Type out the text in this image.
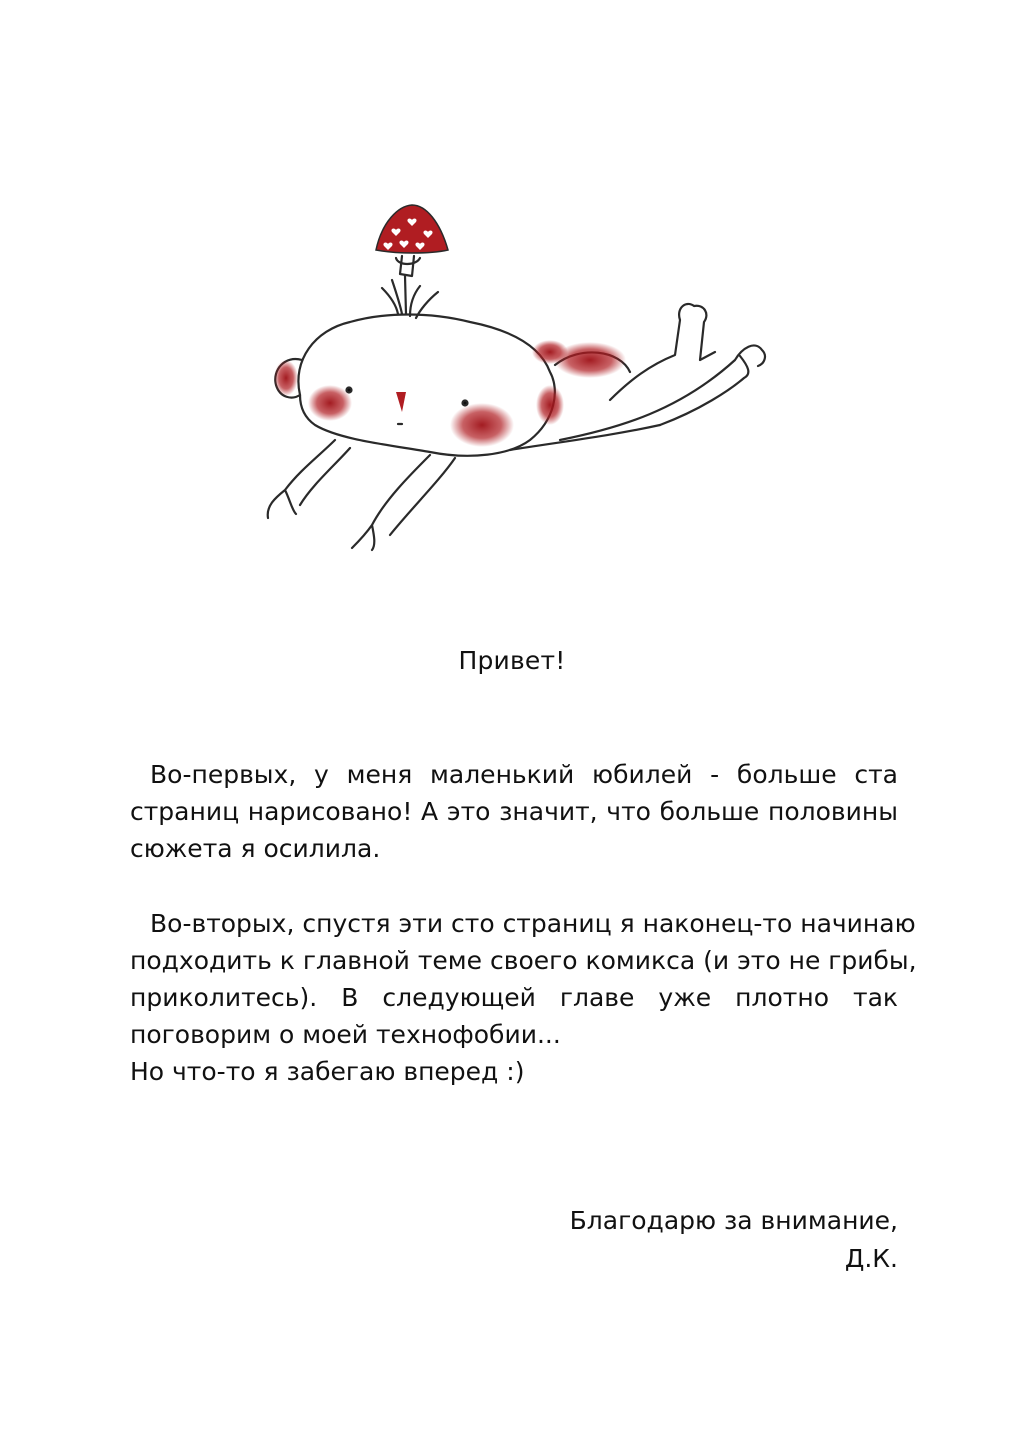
Привет!
Во-первых, у меня маленький юбилей - больше ста
страниц нарисовано! А это значит, что больше половины
сюжета я осилила.
Во-вторых, спустя эти сто страниц я наконец-то начинаю
подходить к главной теме своего комикса (и это не грибы,
приколитесь). В следующей главе уже плотно так
поговорим о моей технофобии...
Но что-то я забегаю вперед :)
Благодарю за внимание,
Д.К.
